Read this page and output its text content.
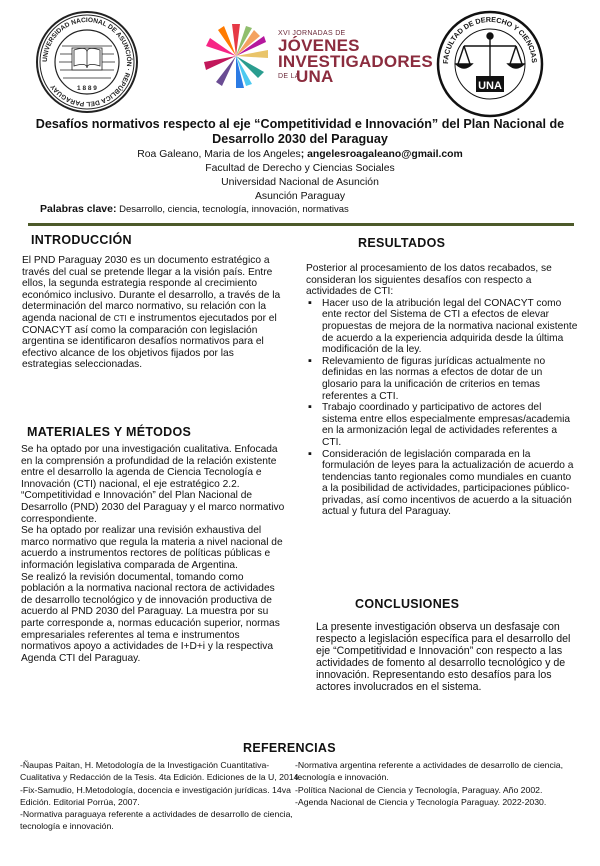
UNIVERSIDAD NACIONAL DE ASUNCIÓN · REPÚBLICA DEL PARAGUAY	1 8 8 9
XVI JORNADAS DE
JÓVENES
INVESTIGADORES
DE LA
UNA
FACULTAD DE DERECHO Y CIENCIAS
UNA
Desafíos normativos respecto al eje “Competitividad e Innovación” del Plan Nacional de Desarrollo 2030 del Paraguay
Roa Galeano, Maria de los Angeles; angelesroagaleano@gmail.com
Facultad de Derecho y Ciencias Sociales
Universidad Nacional de Asunción
Asunción Paraguay
Palabras clave: Desarrollo, ciencia, tecnología, innovación, normativas
INTRODUCCIÓN
El PND Paraguay 2030 es un documento estratégico a través del cual se pretende llegar a la visión país. Entre ellos, la segunda estrategia responde al crecimiento económico inclusivo. Durante el desarrollo, a través de la determinación del marco normativo, su relación con la agenda nacional de CTI e instrumentos ejecutados por el CONACYT así como la comparación con legislación argentina se identificaron desafíos normativos para el efectivo alcance de los objetivos fijados por las estrategias seleccionadas.
MATERIALES Y MÉTODOS
Se ha optado por una investigación cualitativa. Enfocada en la comprensión a profundidad de la relación existente entre el desarrollo la agenda de Ciencia Tecnología e Innovación (CTI) nacional, el eje estratégico 2.2. “Competitividad e Innovación” del Plan Nacional de Desarrollo (PND) 2030 del Paraguay y el marco normativo correspondiente.
Se ha optado por realizar una revisión exhaustiva del marco normativo que regula la materia a nivel nacional de acuerdo a instrumentos rectores de políticas públicas e información legislativa comparada de Argentina.
Se realizó la revisión documental, tomando como población a la normativa nacional rectora de actividades de desarrollo tecnológico y de innovación productiva de acuerdo al PND 2030 del Paraguay. La muestra por su parte corresponde a, normas educación superior, normas empresariales referentes al tema e instrumentos normativos apoyo a actividades de I+D+i y la respectiva Agenda CTI del Paraguay.
RESULTADOS
Posterior al procesamiento de los datos recabados, se consideran los siguientes desafíos con respecto a actividades de CTI:
▪ Hacer uso de la atribución legal del CONACYT como ente rector del Sistema de CTI a efectos de elevar propuestas de mejora de la normativa nacional existente de acuerdo a la experiencia adquirida desde la última modificación de la ley.
▪ Relevamiento de figuras jurídicas actualmente no definidas en las normas a efectos de dotar de un glosario para la unificación de criterios en temas referentes a CTI.
▪ Trabajo coordinado y participativo de actores del sistema entre ellos especialmente empresas/academia en la armonización legal de actividades referentes a CTI.
▪ Consideración de legislación comparada en la formulación de leyes para la actualización de acuerdo a tendencias tanto regionales como mundiales en cuanto a la posibilidad de actividades, participaciones público-privadas, así como incentivos de acuerdo a la situación actual y futura del Paraguay.
CONCLUSIONES
La presente investigación observa un desfasaje con respecto a legislación específica para el desarrollo del eje “Competitividad e Innovación” con respecto a las actividades de fomento al desarrollo tecnológico y de innovación. Representando esto desafíos para los actores involucrados en el sistema.
REFERENCIAS
-Ñaupas Paitan, H. Metodología de la Investigación Cuantitativa-Cualitativa y Redacción de la Tesis. 4ta Edición. Ediciones de la U, 2014.
-Fix-Samudio, H.Metodología, docencia e investigación jurídicas. 14va Edición. Editorial Porrúa, 2007.
-Normativa paraguaya referente a actividades de desarrollo de ciencia, tecnología e innovación.
-Normativa argentina referente a actividades de desarrollo de ciencia, tecnología e innovación.
-Política Nacional de Ciencia y Tecnología, Paraguay. Año 2002.
-Agenda Nacional de Ciencia y Tecnología Paraguay. 2022-2030.
